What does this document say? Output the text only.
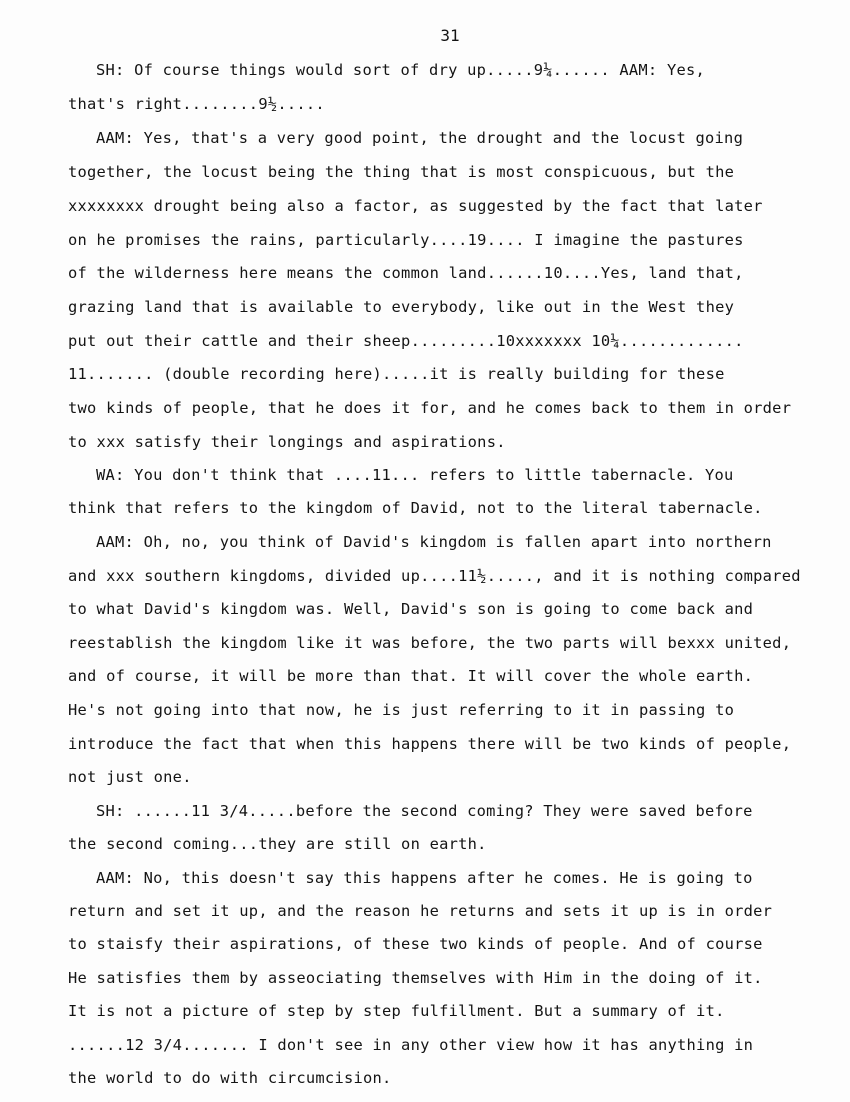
31
SH: Of course things would sort of dry up.....9¼...... AAM: Yes,
that's right........9½.....
AAM: Yes, that's a very good point, the drought and the locust going
together, the locust being the thing that is most conspicuous, but the
xxxxxxxx drought being also a factor, as suggested by the fact that later
on he promises the rains, particularly....19.... I imagine the pastures
of the wilderness here means the common land......10....Yes, land that,
grazing land that is available to everybody, like out in the West they
put out their cattle and their sheep.........10xxxxxxx 10¼.............
11....... (double recording here).....it is really building for these
two kinds of people, that he does it for, and he comes back to them in order
to xxx satisfy their longings and aspirations.
WA: You don't think that ....11... refers to little tabernacle. You
think that refers to the kingdom of David, not to the literal tabernacle.
AAM: Oh, no, you think of David's kingdom is fallen apart into northern
and xxx southern kingdoms, divided up....11½....., and it is nothing compared
to what David's kingdom was. Well, David's son is going to come back and
reestablish the kingdom like it was before, the two parts will bexxx united,
and of course, it will be more than that. It will cover the whole earth.
He's not going into that now, he is just referring to it in passing to
introduce the fact that when this happens there will be two kinds of people,
not just one.
SH: ......11 3/4.....before the second coming? They were saved before
the second coming...they are still on earth.
AAM: No, this doesn't say this happens after he comes. He is going to
return and set it up, and the reason he returns and sets it up is in order
to staisfy their aspirations, of these two kinds of people. And of course
He satisfies them by asseociating themselves with Him in the doing of it.
It is not a picture of step by step fulfillment. But a summary of it.
......12 3/4....... I don't see in any other view how it has anything in
the world to do with circumcision.
